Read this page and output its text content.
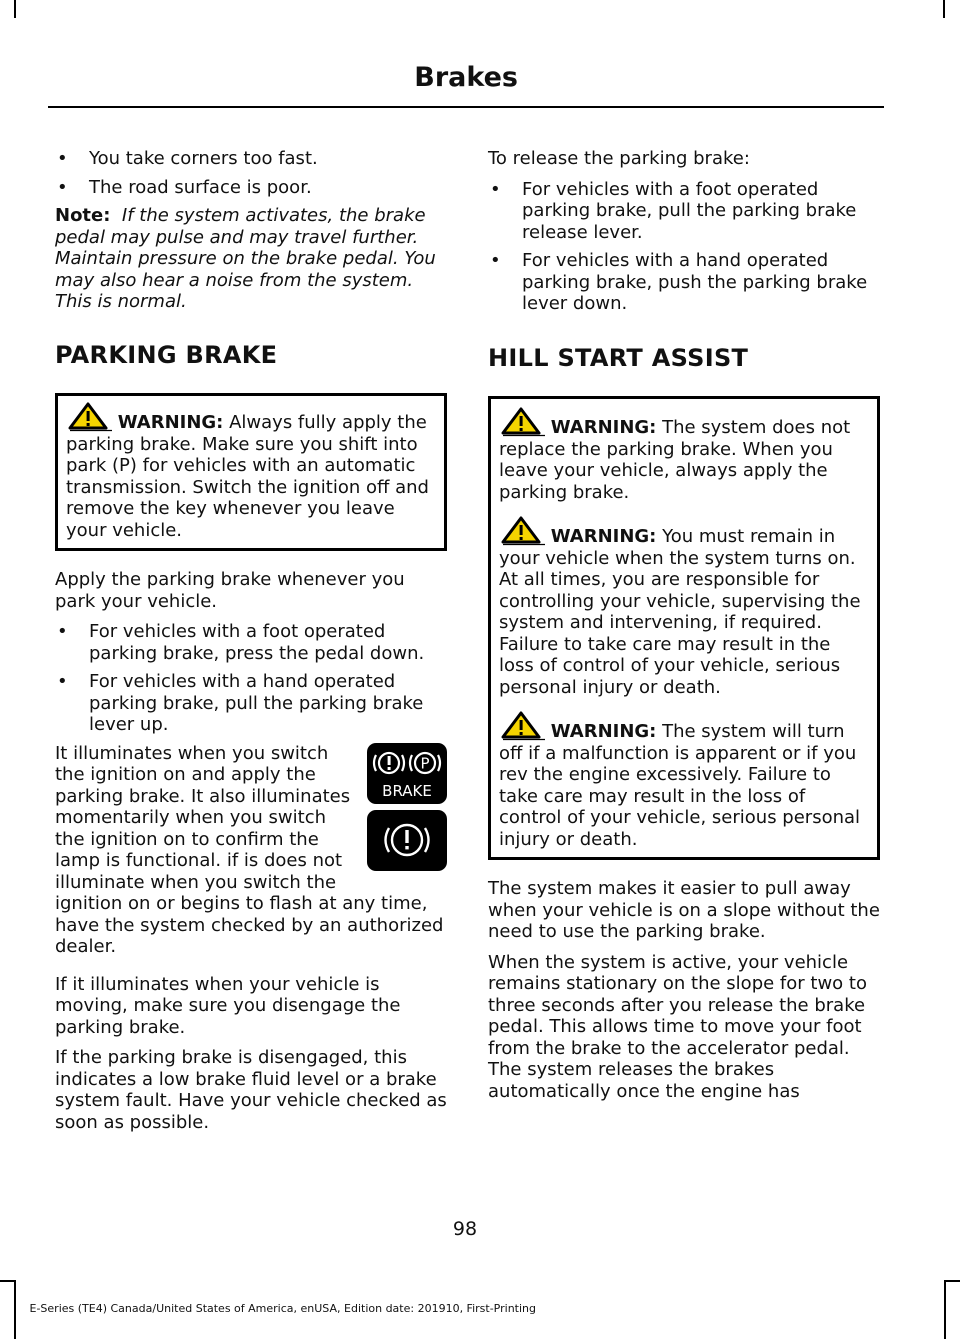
Brakes
• You take corners too fast.
• The road surface is poor.

Note: If the system activates, the brake pedal may pulse and may travel further. Maintain pressure on the brake pedal. You may also hear a noise from the system. This is normal.

PARKING BRAKE

WARNING: Always fully apply the parking brake. Make sure you shift into park (P) for vehicles with an automatic transmission. Switch the ignition off and remove the key whenever you leave your vehicle.

Apply the parking brake whenever you park your vehicle.

• For vehicles with a foot operated parking brake, press the pedal down.
• For vehicles with a hand operated parking brake, pull the parking brake lever up.
P
BRAKE

It illuminates when you switch the ignition on and apply the parking brake. It also illuminates momentarily when you switch the ignition on to confirm the lamp is functional. if is does not illuminate when you switch the ignition on or begins to flash at any time, have the system checked by an authorized dealer.

If it illuminates when your vehicle is moving, make sure you disengage the parking brake.

If the parking brake is disengaged, this indicates a low brake fluid level or a brake system fault. Have your vehicle checked as soon as possible.

To release the parking brake:

• For vehicles with a foot operated parking brake, pull the parking brake release lever.
• For vehicles with a hand operated parking brake, push the parking brake lever down.
HILL START ASSIST

WARNING: The system does not replace the parking brake. When you leave your vehicle, always apply the parking brake.

WARNING: You must remain in your vehicle when the system turns on. At all times, you are responsible for controlling your vehicle, supervising the system and intervening, if required. Failure to take care may result in the loss of control of your vehicle, serious personal injury or death.

WARNING: The system will turn off if a malfunction is apparent or if you rev the engine excessively. Failure to take care may result in the loss of control of your vehicle, serious personal injury or death.

The system makes it easier to pull away when your vehicle is on a slope without the need to use the parking brake.

When the system is active, your vehicle remains stationary on the slope for two to three seconds after you release the brake pedal. This allows time to move your foot from the brake to the accelerator pedal. The system releases the brakes automatically once the engine has

98
E-Series (TE4) Canada/United States of America, enUSA, Edition date: 201910, First-Printing
